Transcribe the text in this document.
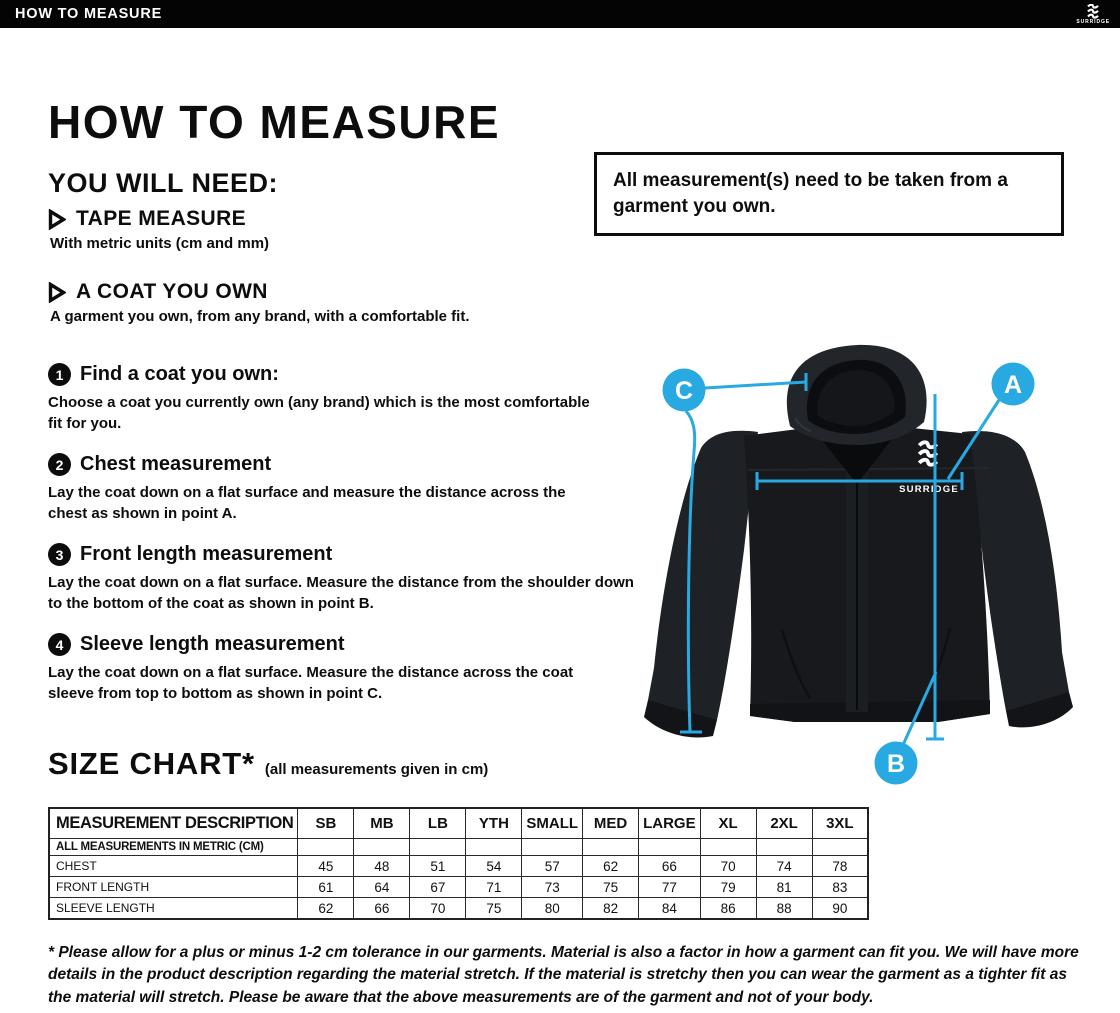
HOW TO MEASURE	SURRIDGE
HOW TO MEASURE
YOU WILL NEED:
TAPE MEASURE
With metric units (cm and mm)
A COAT YOU OWN
A garment you own, from any brand, with a comfortable fit.
1 Find a coat you own:
Choose a coat you currently own (any brand) which is the most comfortable fit for you.
2 Chest measurement
Lay the coat down on a flat surface and measure the distance across the chest as shown in point A.
3 Front length measurement
Lay the coat down on a flat surface. Measure the distance from the shoulder down to the bottom of the coat as shown in point B.
4 Sleeve length measurement
Lay the coat down on a flat surface. Measure the distance across the coat sleeve from top to bottom as shown in point C.
All measurement(s) need to be taken from a garment you own.
SURRIDGE
A
C
B
SIZE CHART* (all measurements given in cm)
MEASUREMENT DESCRIPTION	SB	MB	LB	YTH	SMALL	MED	LARGE	XL	2XL	3XL
ALL MEASUREMENTS IN METRIC (CM)										
CHEST	45	48	51	54	57	62	66	70	74	78
FRONT LENGTH	61	64	67	71	73	75	77	79	81	83
SLEEVE LENGTH	62	66	70	75	80	82	84	86	88	90
* Please allow for a plus or minus 1-2 cm tolerance in our garments. Material is also a factor in how a garment can fit you. We will have more details in the product description regarding the material stretch. If the material is stretchy then you can wear the garment as a tighter fit as the material will stretch. Please be aware that the above measurements are of the garment and not of your body.
